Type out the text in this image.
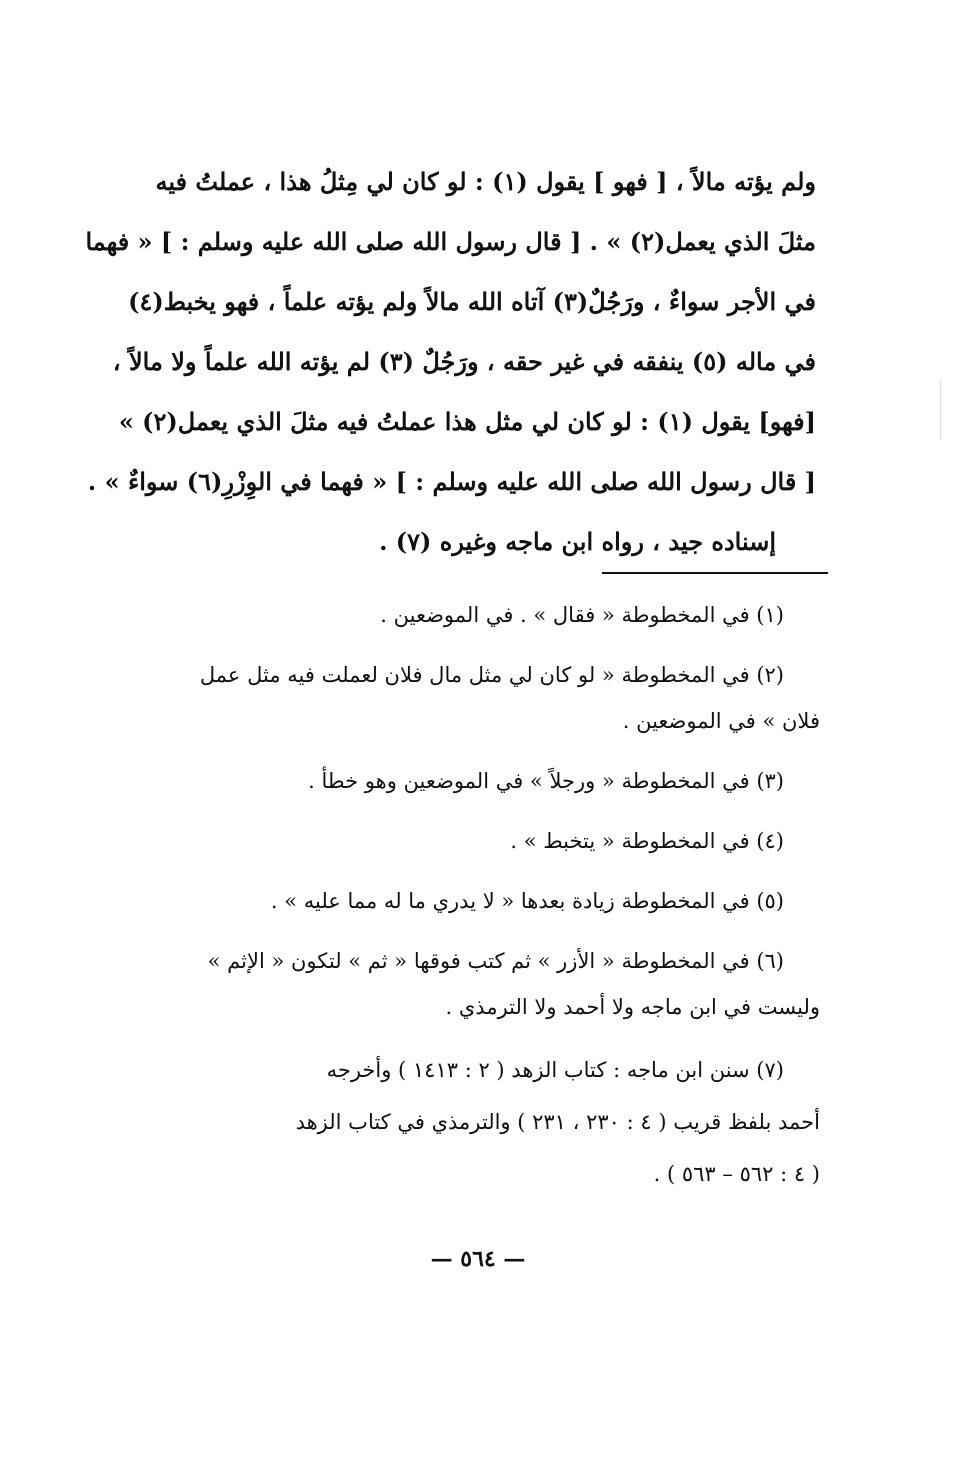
ولم يؤته مالاً ، [ فهو ] يقول (١) : لو كان لي مِثلُ هذا ، عملتُ فيه
مثلَ الذي يعمل(٢) » . [ قال رسول الله صلى الله عليه وسلم : ] « فهما
في الأجر سواءٌ ، ورَجُلٌ(٣) آتاه الله مالاً ولم يؤته علماً ، فهو يخبط(٤)
في ماله (٥) ينفقه في غير حقه ، ورَجُلٌ (٣) لم يؤته الله علماً ولا مالاً ،
[فهو] يقول (١) : لو كان لي مثل هذا عملتُ فيه مثلَ الذي يعمل(٢) »
[ قال رسول الله صلى الله عليه وسلم : ] « فهما في الوِزْرِ(٦) سواءٌ » .
إسناده جيد ، رواه ابن ماجه وغيره (٧) .
(١) في المخطوطة « فقال » . في الموضعين .
(٢) في المخطوطة « لو كان لي مثل مال فلان لعملت فيه مثل عمل
فلان » في الموضعين .
(٣) في المخطوطة « ورجلاً » في الموضعين وهو خطأ .
(٤) في المخطوطة « يتخبط » .
(٥) في المخطوطة زيادة بعدها « لا يدري ما له مما عليه » .
(٦) في المخطوطة « الأزر » ثم كتب فوقها « ثم » لتكون « الإثم »
وليست في ابن ماجه ولا أحمد ولا الترمذي .
(٧) سنن ابن ماجه : كتاب الزهد ( ٢ : ١٤١٣ ) وأخرجه
أحمد بلفظ قريب ( ٤ : ٢٣٠ ، ٢٣١ ) والترمذي في كتاب الزهد
( ٤ : ٥٦٢ – ٥٦٣ ) .
— ٥٦٤ —
